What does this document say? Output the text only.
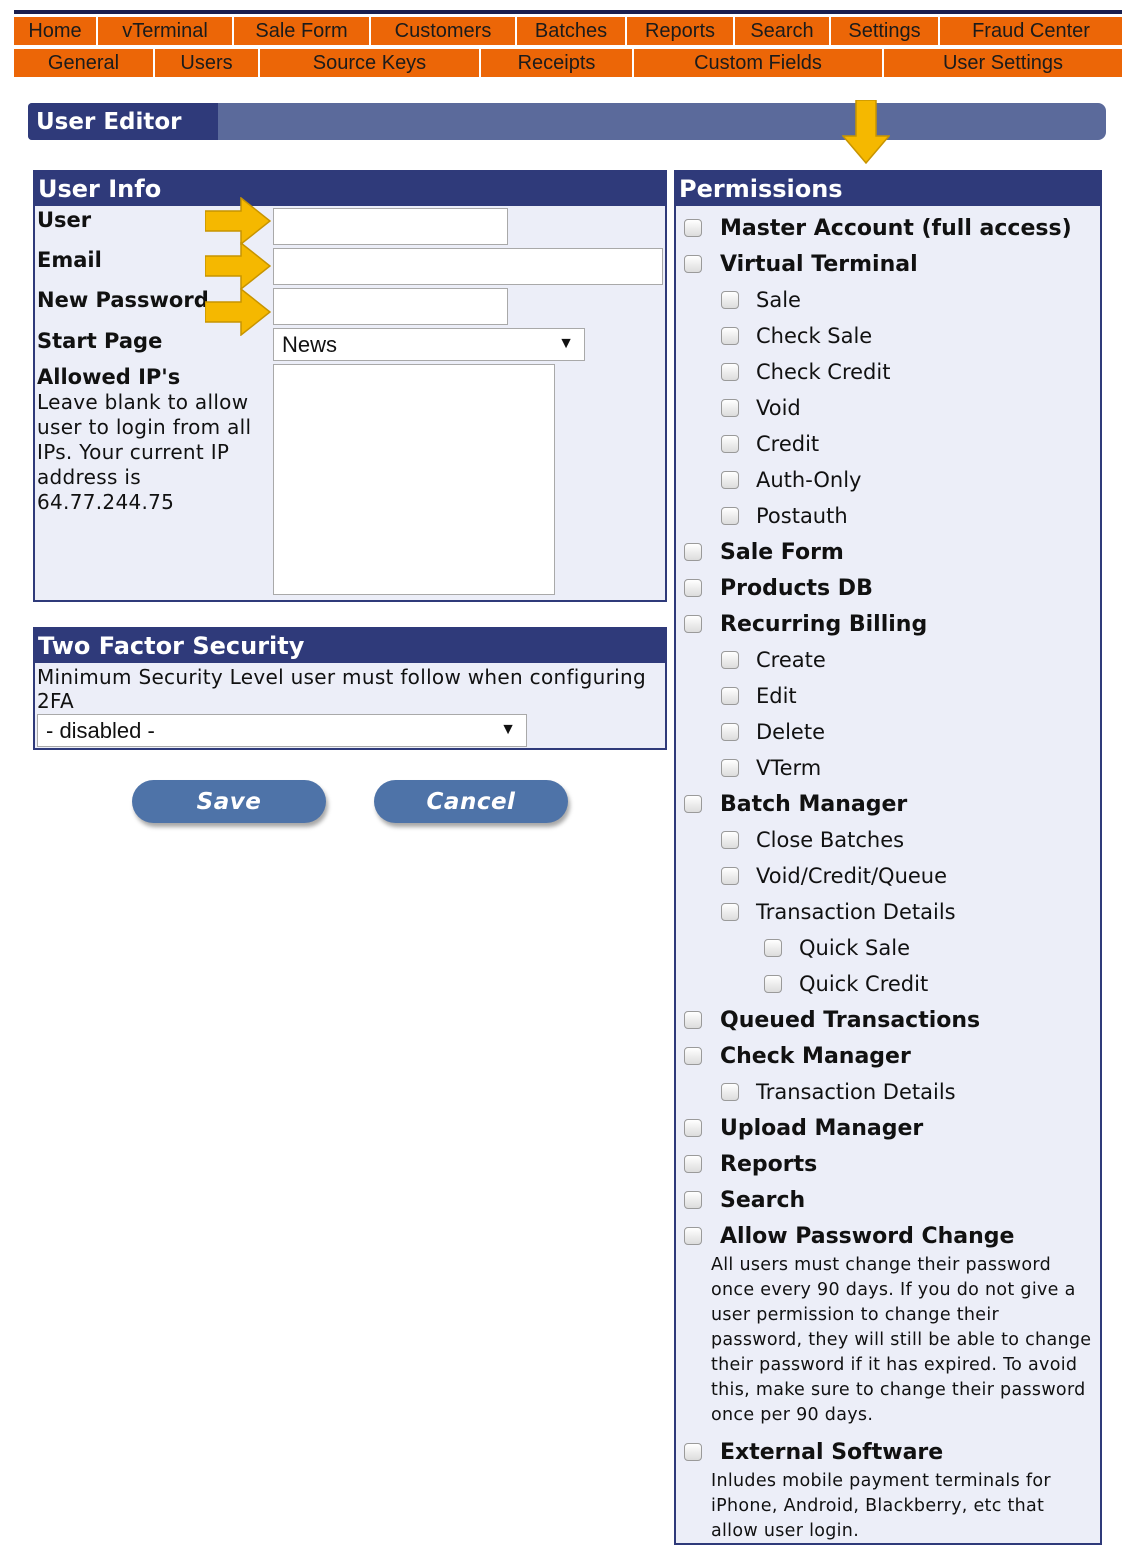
Home	vTerminal	Sale Form	Customers	Batches	Reports	Search	Settings	Fraud Center
General	Users	Source Keys	Receipts	Custom Fields	User Settings
User Editor
User Info
User
Email
New Password
Start Page	News	▼
Allowed IP's
Leave blank to allow user to login from all IPs. Your current IP address is 64.77.244.75
Two Factor Security
Minimum Security Level user must follow when configuring 2FA
- disabled -	▼
Save	Cancel
Permissions
Master Account (full access)
Virtual Terminal
Sale
Check Sale
Check Credit
Void
Credit
Auth-Only
Postauth
Sale Form
Products DB
Recurring Billing
Create
Edit
Delete
VTerm
Batch Manager
Close Batches
Void/Credit/Queue
Transaction Details
Quick Sale
Quick Credit
Queued Transactions
Check Manager
Transaction Details
Upload Manager
Reports
Search
Allow Password Change
External Software
All users must change their password once every 90 days. If you do not give a user permission to change their password, they will still be able to change their password if it has expired. To avoid this, make sure to change their password once per 90 days.
Inludes mobile payment terminals for iPhone, Android, Blackberry, etc that allow user login.
